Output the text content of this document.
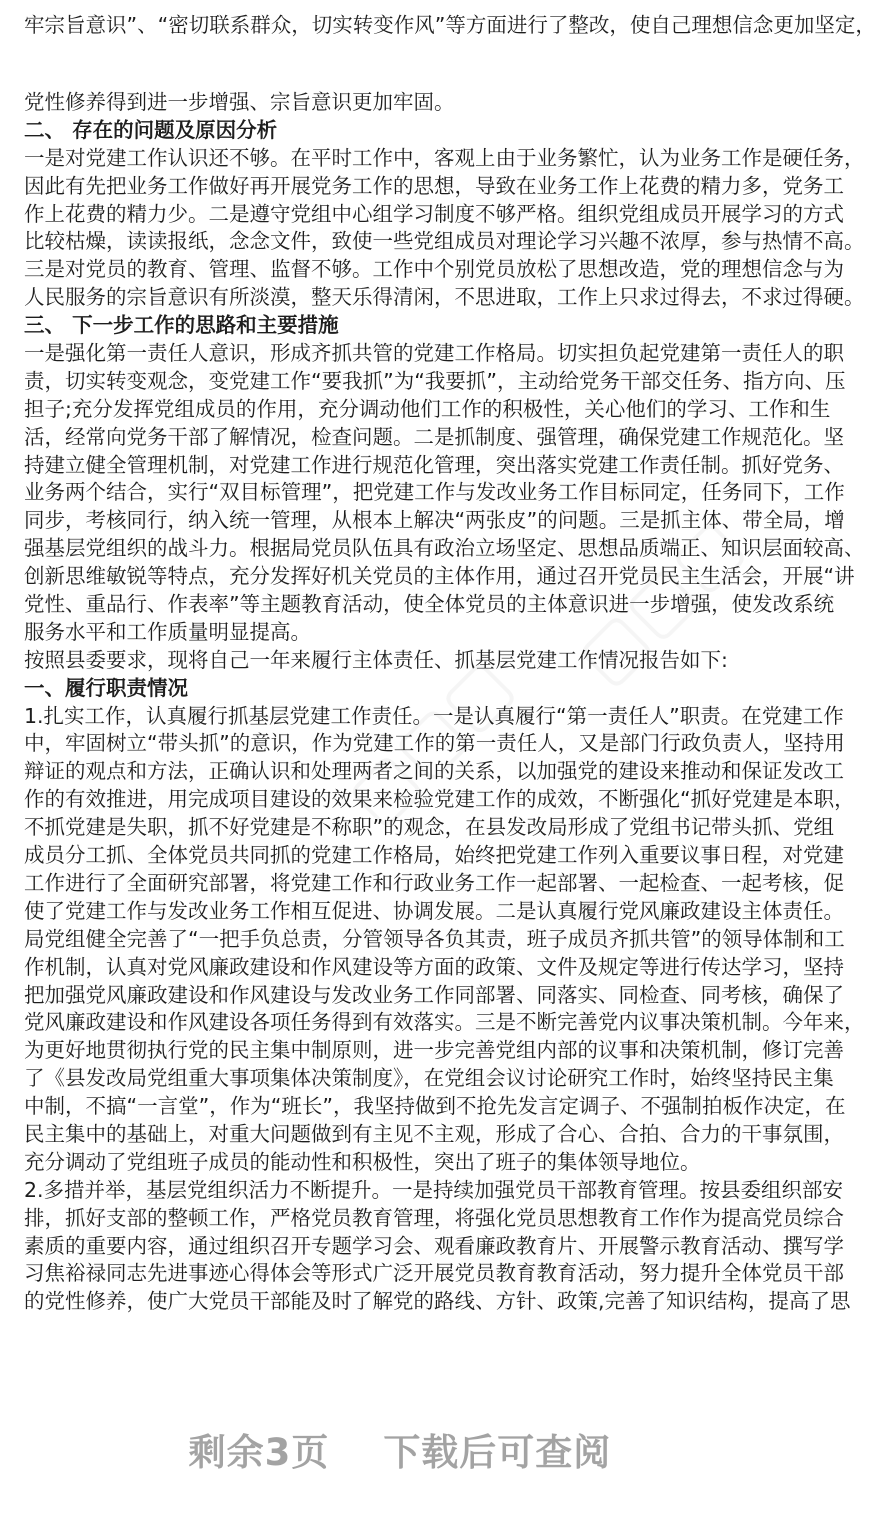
牢宗旨意识”、“密切联系群众，切实转变作风”等方面进行了整改，使自己理想信念更加坚定，
党性修养得到进一步增强、宗旨意识更加牢固。
二、 存在的问题及原因分析
一是对党建工作认识还不够。在平时工作中，客观上由于业务繁忙，认为业务工作是硬任务，
因此有先把业务工作做好再开展党务工作的思想，导致在业务工作上花费的精力多，党务工
作上花费的精力少。二是遵守党组中心组学习制度不够严格。组织党组成员开展学习的方式
比较枯燥，读读报纸，念念文件，致使一些党组成员对理论学习兴趣不浓厚，参与热情不高。
三是对党员的教育、管理、监督不够。工作中个别党员放松了思想改造，党的理想信念与为
人民服务的宗旨意识有所淡漠，整天乐得清闲，不思进取，工作上只求过得去，不求过得硬。
三、 下一步工作的思路和主要措施
一是强化第一责任人意识，形成齐抓共管的党建工作格局。切实担负起党建第一责任人的职
责，切实转变观念，变党建工作“要我抓”为“我要抓”，主动给党务干部交任务、指方向、压
担子;充分发挥党组成员的作用，充分调动他们工作的积极性，关心他们的学习、工作和生
活，经常向党务干部了解情况，检查问题。二是抓制度、强管理，确保党建工作规范化。坚
持建立健全管理机制，对党建工作进行规范化管理，突出落实党建工作责任制。抓好党务、
业务两个结合，实行“双目标管理”，把党建工作与发改业务工作目标同定，任务同下，工作
同步，考核同行，纳入统一管理，从根本上解决“两张皮”的问题。三是抓主体、带全局，增
强基层党组织的战斗力。根据局党员队伍具有政治立场坚定、思想品质端正、知识层面较高、
创新思维敏锐等特点，充分发挥好机关党员的主体作用，通过召开党员民主生活会，开展“讲
党性、重品行、作表率”等主题教育活动，使全体党员的主体意识进一步增强，使发改系统
服务水平和工作质量明显提高。
按照县委要求，现将自己一年来履行主体责任、抓基层党建工作情况报告如下:
一、履行职责情况
1.扎实工作，认真履行抓基层党建工作责任。一是认真履行“第一责任人”职责。在党建工作
中，牢固树立“带头抓”的意识，作为党建工作的第一责任人，又是部门行政负责人，坚持用
辩证的观点和方法，正确认识和处理两者之间的关系，以加强党的建设来推动和保证发改工
作的有效推进，用完成项目建设的效果来检验党建工作的成效，不断强化“抓好党建是本职，
不抓党建是失职，抓不好党建是不称职”的观念，在县发改局形成了党组书记带头抓、党组
成员分工抓、全体党员共同抓的党建工作格局，始终把党建工作列入重要议事日程，对党建
工作进行了全面研究部署，将党建工作和行政业务工作一起部署、一起检查、一起考核，促
使了党建工作与发改业务工作相互促进、协调发展。二是认真履行党风廉政建设主体责任。
局党组健全完善了“一把手负总责，分管领导各负其责，班子成员齐抓共管”的领导体制和工
作机制，认真对党风廉政建设和作风建设等方面的政策、文件及规定等进行传达学习，坚持
把加强党风廉政建设和作风建设与发改业务工作同部署、同落实、同检查、同考核，确保了
党风廉政建设和作风建设各项任务得到有效落实。三是不断完善党内议事决策机制。今年来，
为更好地贯彻执行党的民主集中制原则，进一步完善党组内部的议事和决策机制，修订完善
了《县发改局党组重大事项集体决策制度》，在党组会议讨论研究工作时，始终坚持民主集
中制，不搞“一言堂”，作为“班长”，我坚持做到不抢先发言定调子、不强制拍板作决定，在
民主集中的基础上，对重大问题做到有主见不主观，形成了合心、合拍、合力的干事氛围，
充分调动了党组班子成员的能动性和积极性，突出了班子的集体领导地位。
2.多措并举，基层党组织活力不断提升。一是持续加强党员干部教育管理。按县委组织部安
排，抓好支部的整顿工作，严格党员教育管理，将强化党员思想教育工作作为提高党员综合
素质的重要内容，通过组织召开专题学习会、观看廉政教育片、开展警示教育活动、撰写学
习焦裕禄同志先进事迹心得体会等形式广泛开展党员教育教育活动，努力提升全体党员干部
的党性修养，使广大党员干部能及时了解党的路线、方针、政策,完善了知识结构，提高了思
剩余3页 下载后可查阅
